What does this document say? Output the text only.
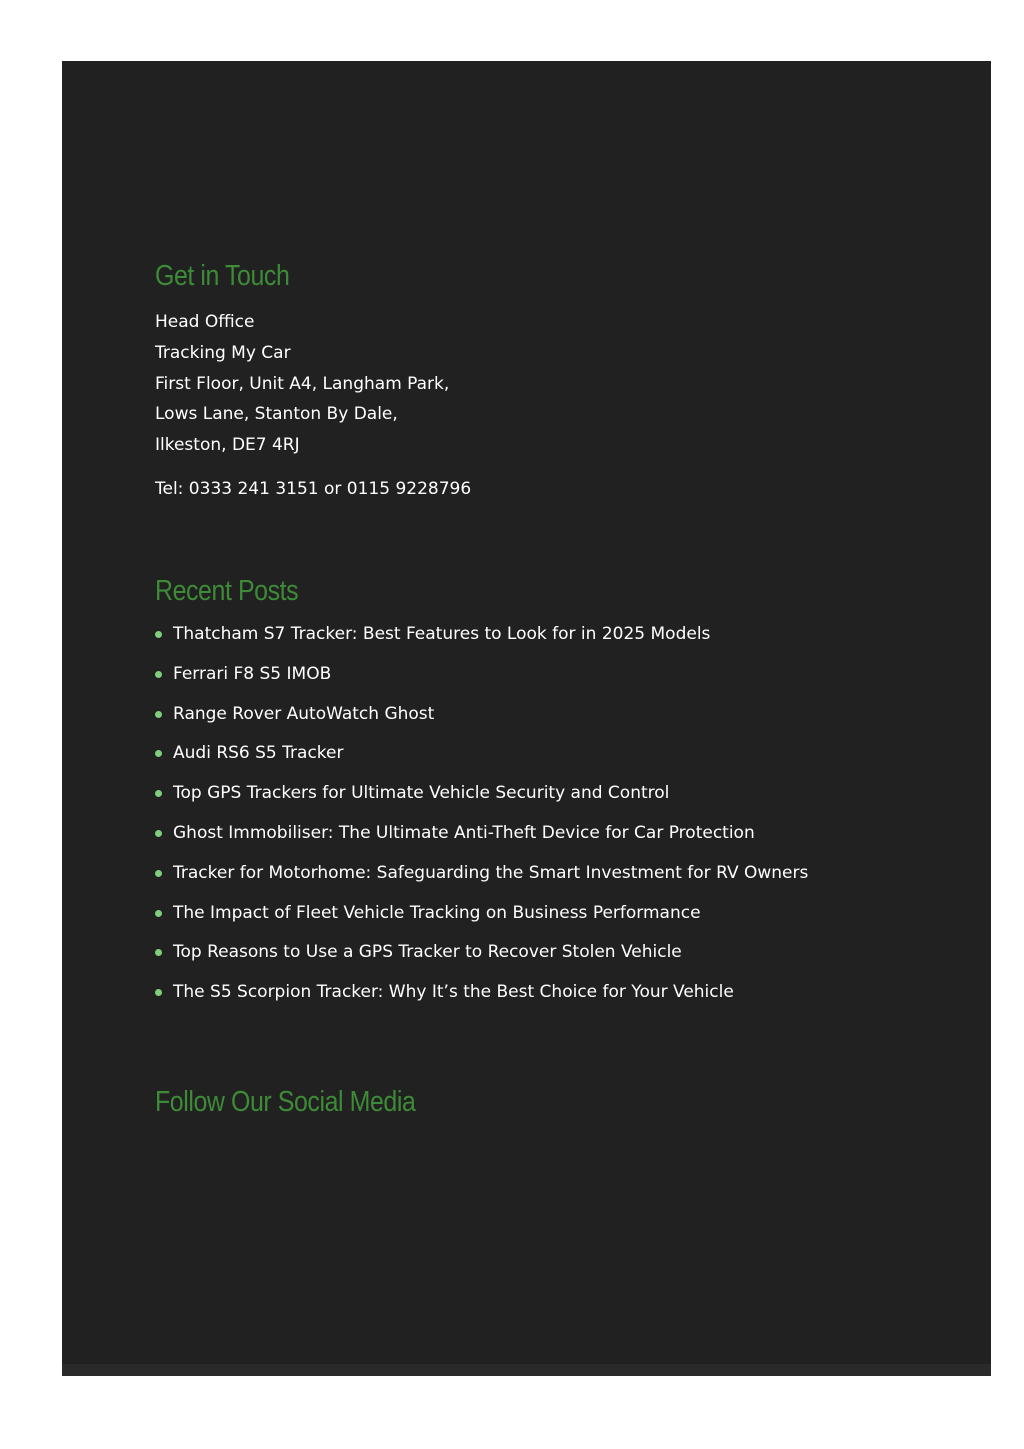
Get in Touch
Head Office
Tracking My Car
First Floor, Unit A4, Langham Park,
Lows Lane, Stanton By Dale,
Ilkeston, DE7 4RJ
Tel: 0333 241 3151 or 0115 9228796
Recent Posts
Thatcham S7 Tracker: Best Features to Look for in 2025 Models
Ferrari F8 S5 IMOB
Range Rover AutoWatch Ghost
Audi RS6 S5 Tracker
Top GPS Trackers for Ultimate Vehicle Security and Control
Ghost Immobiliser: The Ultimate Anti-Theft Device for Car Protection
Tracker for Motorhome: Safeguarding the Smart Investment for RV Owners
The Impact of Fleet Vehicle Tracking on Business Performance
Top Reasons to Use a GPS Tracker to Recover Stolen Vehicle
The S5 Scorpion Tracker: Why It’s the Best Choice for Your Vehicle
Follow Our Social Media
